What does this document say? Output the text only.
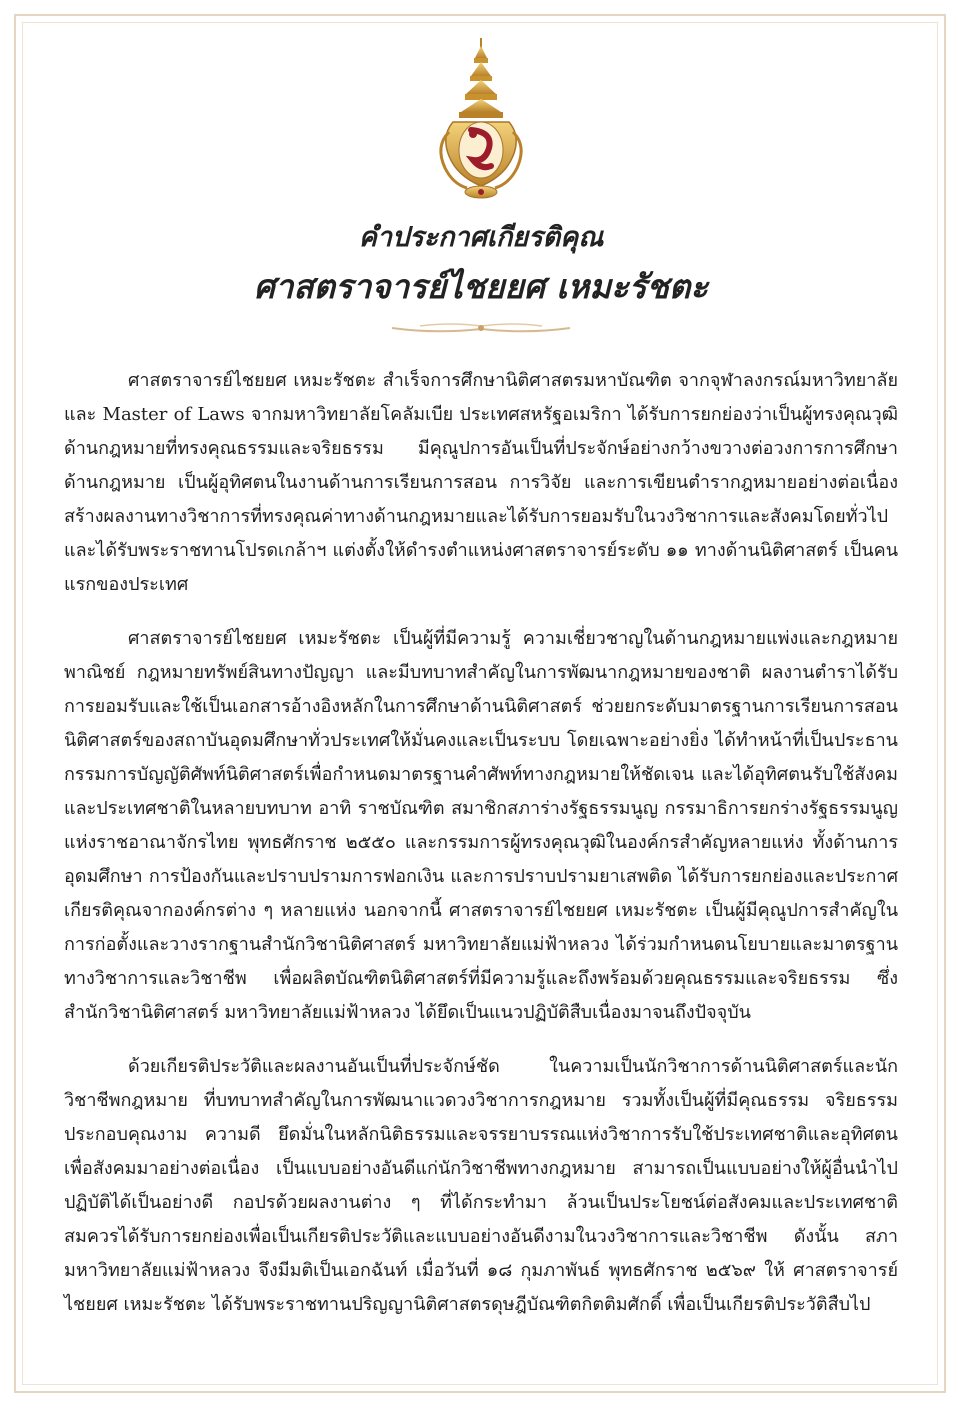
คำประกาศเกียรติคุณ
ศาสตราจารย์ไชยยศ เหมะรัชตะ

ศาสตราจารย์ไชยยศ เหมะรัชตะ สำเร็จการศึกษานิติศาสตรมหาบัณฑิต จากจุฬาลงกรณ์มหาวิทยาลัย และ Master of Laws จากมหาวิทยาลัยโคลัมเบีย ประเทศสหรัฐอเมริกา ได้รับการยกย่องว่าเป็นผู้ทรงคุณวุฒิด้านกฎหมายที่ทรงคุณธรรมและจริยธรรม มีคุณูปการอันเป็นที่ประจักษ์อย่างกว้างขวางต่อวงการการศึกษาด้านกฎหมาย เป็นผู้อุทิศตนในงานด้านการเรียนการสอน การวิจัย และการเขียนตำรากฎหมายอย่างต่อเนื่อง สร้างผลงานทางวิชาการที่ทรงคุณค่าทางด้านกฎหมายและได้รับการยอมรับในวงวิชาการและสังคมโดยทั่วไป และได้รับพระราชทานโปรดเกล้าฯ แต่งตั้งให้ดำรงตำแหน่งศาสตราจารย์ระดับ ๑๑ ทางด้านนิติศาสตร์ เป็นคนแรกของประเทศ

ศาสตราจารย์ไชยยศ เหมะรัชตะ เป็นผู้ที่มีความรู้ ความเชี่ยวชาญในด้านกฎหมายแพ่งและกฎหมายพาณิชย์ กฎหมายทรัพย์สินทางปัญญา และมีบทบาทสำคัญในการพัฒนากฎหมายของชาติ ผลงานตำราได้รับการยอมรับและใช้เป็นเอกสารอ้างอิงหลักในการศึกษาด้านนิติศาสตร์ ช่วยยกระดับมาตรฐานการเรียนการสอนนิติศาสตร์ของสถาบันอุดมศึกษาทั่วประเทศให้มั่นคงและเป็นระบบ โดยเฉพาะอย่างยิ่ง ได้ทำหน้าที่เป็นประธานกรรมการบัญญัติศัพท์นิติศาสตร์เพื่อกำหนดมาตรฐานคำศัพท์ทางกฎหมายให้ชัดเจน และได้อุทิศตนรับใช้สังคมและประเทศชาติในหลายบทบาท อาทิ ราชบัณฑิต สมาชิกสภาร่างรัฐธรรมนูญ กรรมาธิการยกร่างรัฐธรรมนูญแห่งราชอาณาจักรไทย พุทธศักราช ๒๕๕๐ และกรรมการผู้ทรงคุณวุฒิในองค์กรสำคัญหลายแห่ง ทั้งด้านการอุดมศึกษา การป้องกันและปราบปรามการฟอกเงิน และการปราบปรามยาเสพติด ได้รับการยกย่องและประกาศเกียรติคุณจากองค์กรต่าง ๆ หลายแห่ง นอกจากนี้ ศาสตราจารย์ไชยยศ เหมะรัชตะ เป็นผู้มีคุณูปการสำคัญในการก่อตั้งและวางรากฐานสำนักวิชานิติศาสตร์ มหาวิทยาลัยแม่ฟ้าหลวง ได้ร่วมกำหนดนโยบายและมาตรฐานทางวิชาการและวิชาชีพ เพื่อผลิตบัณฑิตนิติศาสตร์ที่มีความรู้และถึงพร้อมด้วยคุณธรรมและจริยธรรม ซึ่งสำนักวิชานิติศาสตร์ มหาวิทยาลัยแม่ฟ้าหลวง ได้ยึดเป็นแนวปฏิบัติสืบเนื่องมาจนถึงปัจจุบัน

ด้วยเกียรติประวัติและผลงานอันเป็นที่ประจักษ์ชัด ในความเป็นนักวิชาการด้านนิติศาสตร์และนักวิชาชีพกฎหมาย ที่บทบาทสำคัญในการพัฒนาแวดวงวิชาการกฎหมาย รวมทั้งเป็นผู้ที่มีคุณธรรม จริยธรรม ประกอบคุณงาม ความดี ยึดมั่นในหลักนิติธรรมและจรรยาบรรณแห่งวิชาการรับใช้ประเทศชาติและอุทิศตนเพื่อสังคมมาอย่างต่อเนื่อง เป็นแบบอย่างอันดีแก่นักวิชาชีพทางกฎหมาย สามารถเป็นแบบอย่างให้ผู้อื่นนำไปปฏิบัติได้เป็นอย่างดี กอปรด้วยผลงานต่าง ๆ ที่ได้กระทำมา ล้วนเป็นประโยชน์ต่อสังคมและประเทศชาติ สมควรได้รับการยกย่องเพื่อเป็นเกียรติประวัติและแบบอย่างอันดีงามในวงวิชาการและวิชาชีพ ดังนั้น สภามหาวิทยาลัยแม่ฟ้าหลวง จึงมีมติเป็นเอกฉันท์ เมื่อวันที่ ๑๘ กุมภาพันธ์ พุทธศักราช ๒๕๖๙ ให้ ศาสตราจารย์ไชยยศ เหมะรัชตะ ได้รับพระราชทานปริญญานิติศาสตรดุษฎีบัณฑิตกิตติมศักดิ์ เพื่อเป็นเกียรติประวัติสืบไป
